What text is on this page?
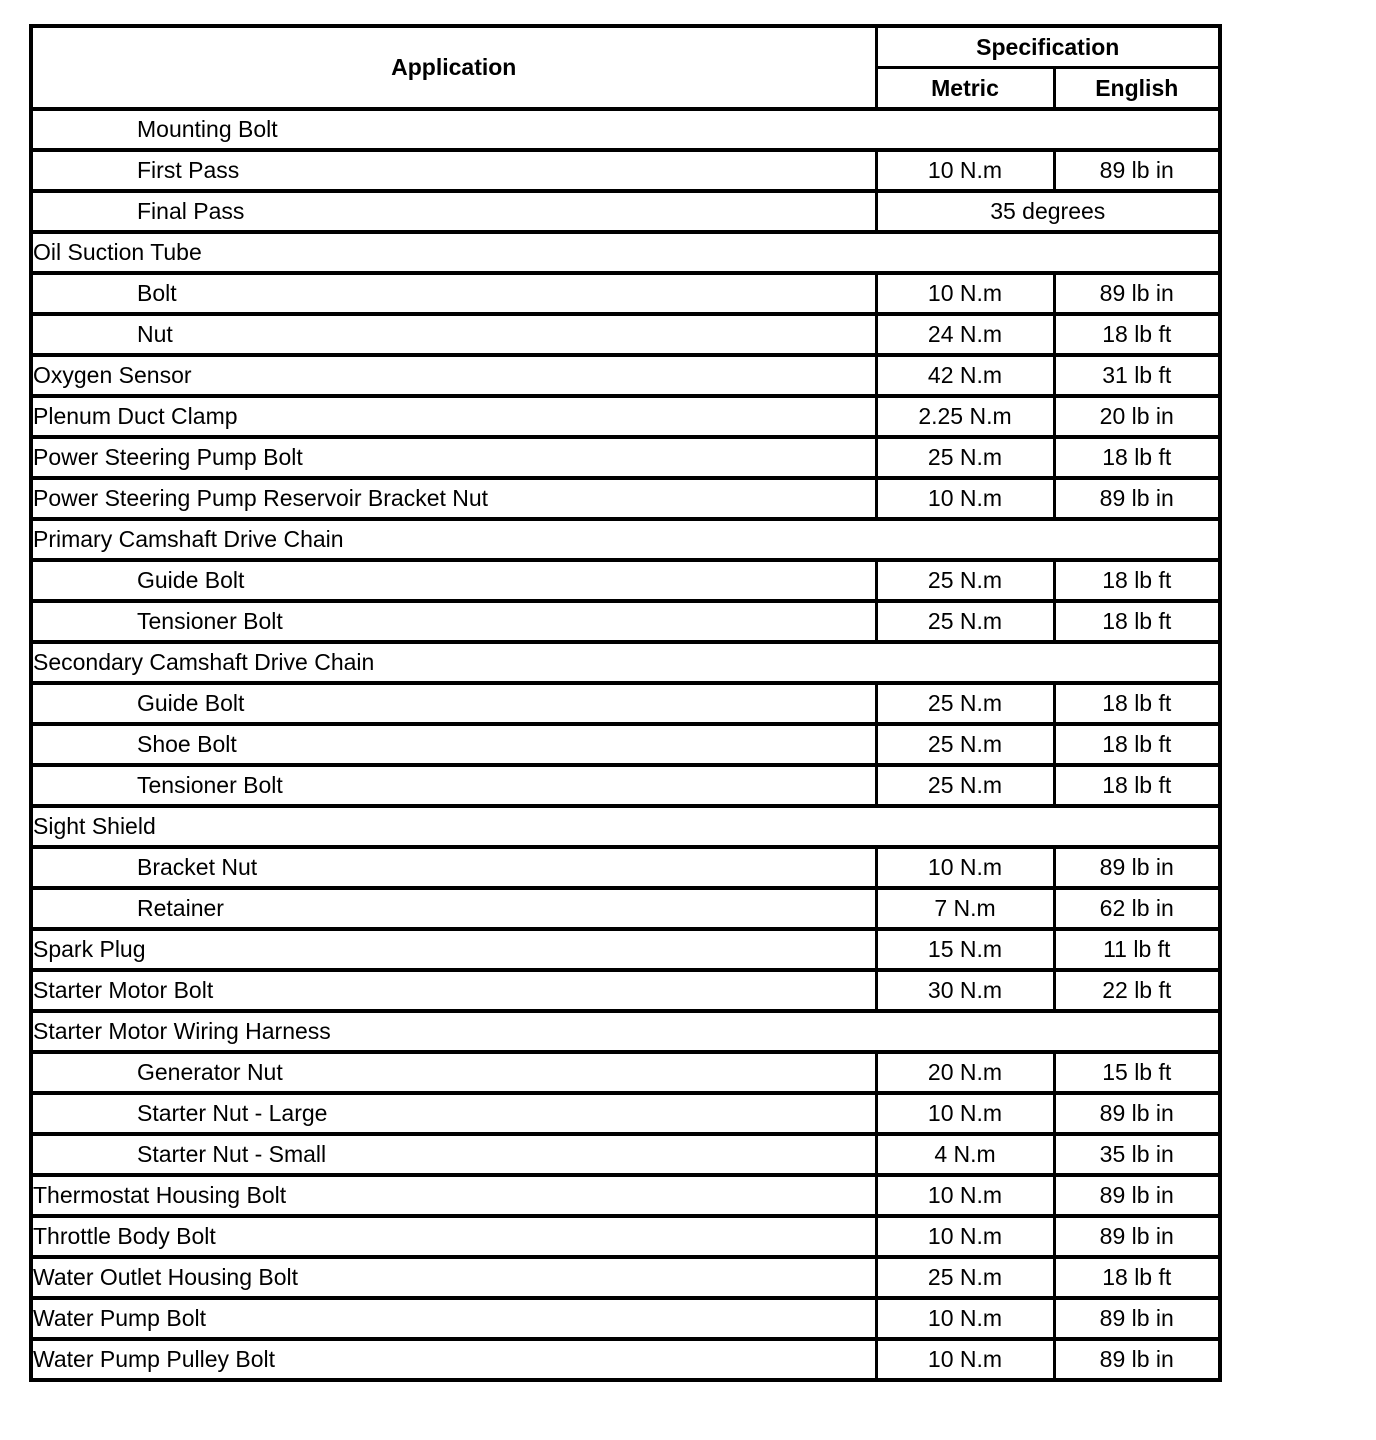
Application	Specification	
	Metric	English
Mounting Bolt		
First Pass	10 N.m	89 lb in
Final Pass	35 degrees	
Oil Suction Tube		
Bolt	10 N.m	89 lb in
Nut	24 N.m	18 lb ft
Oxygen Sensor	42 N.m	31 lb ft
Plenum Duct Clamp	2.25 N.m	20 lb in
Power Steering Pump Bolt	25 N.m	18 lb ft
Power Steering Pump Reservoir Bracket Nut	10 N.m	89 lb in
Primary Camshaft Drive Chain		
Guide Bolt	25 N.m	18 lb ft
Tensioner Bolt	25 N.m	18 lb ft
Secondary Camshaft Drive Chain		
Guide Bolt	25 N.m	18 lb ft
Shoe Bolt	25 N.m	18 lb ft
Tensioner Bolt	25 N.m	18 lb ft
Sight Shield		
Bracket Nut	10 N.m	89 lb in
Retainer	7 N.m	62 lb in
Spark Plug	15 N.m	11 lb ft
Starter Motor Bolt	30 N.m	22 lb ft
Starter Motor Wiring Harness		
Generator Nut	20 N.m	15 lb ft
Starter Nut - Large	10 N.m	89 lb in
Starter Nut - Small	4 N.m	35 lb in
Thermostat Housing Bolt	10 N.m	89 lb in
Throttle Body Bolt	10 N.m	89 lb in
Water Outlet Housing Bolt	25 N.m	18 lb ft
Water Pump Bolt	10 N.m	89 lb in
Water Pump Pulley Bolt	10 N.m	89 lb in
